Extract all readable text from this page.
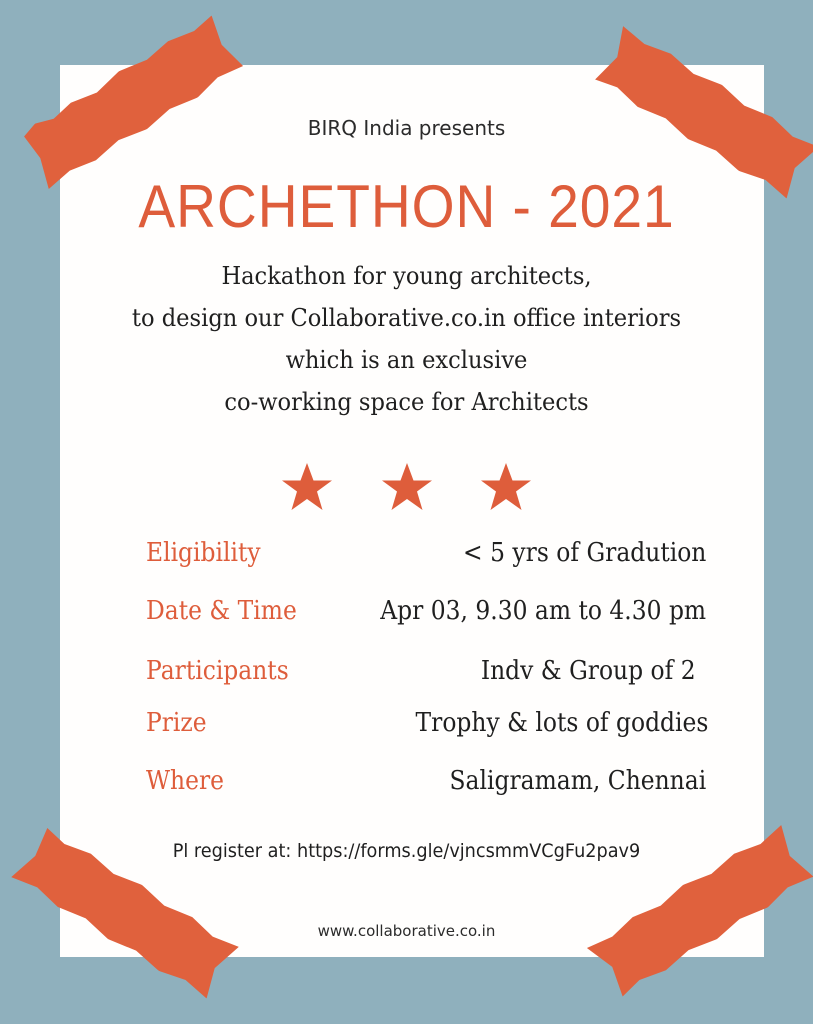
BIRQ India presents
ARCHETHON - 2021
Hackathon for young architects,
to design our Collaborative.co.in office interiors
which is an exclusive
co-working space for Architects

Eligibility	< 5 yrs of Gradution
Date & Time	Apr 03, 9.30 am to 4.30 pm
Participants	Indv & Group of 2
Prize	Trophy & lots of goddies
Where	Saligramam, Chennai
Pl register at: https://forms.gle/vjncsmmVCgFu2pav9
www.collaborative.co.in
